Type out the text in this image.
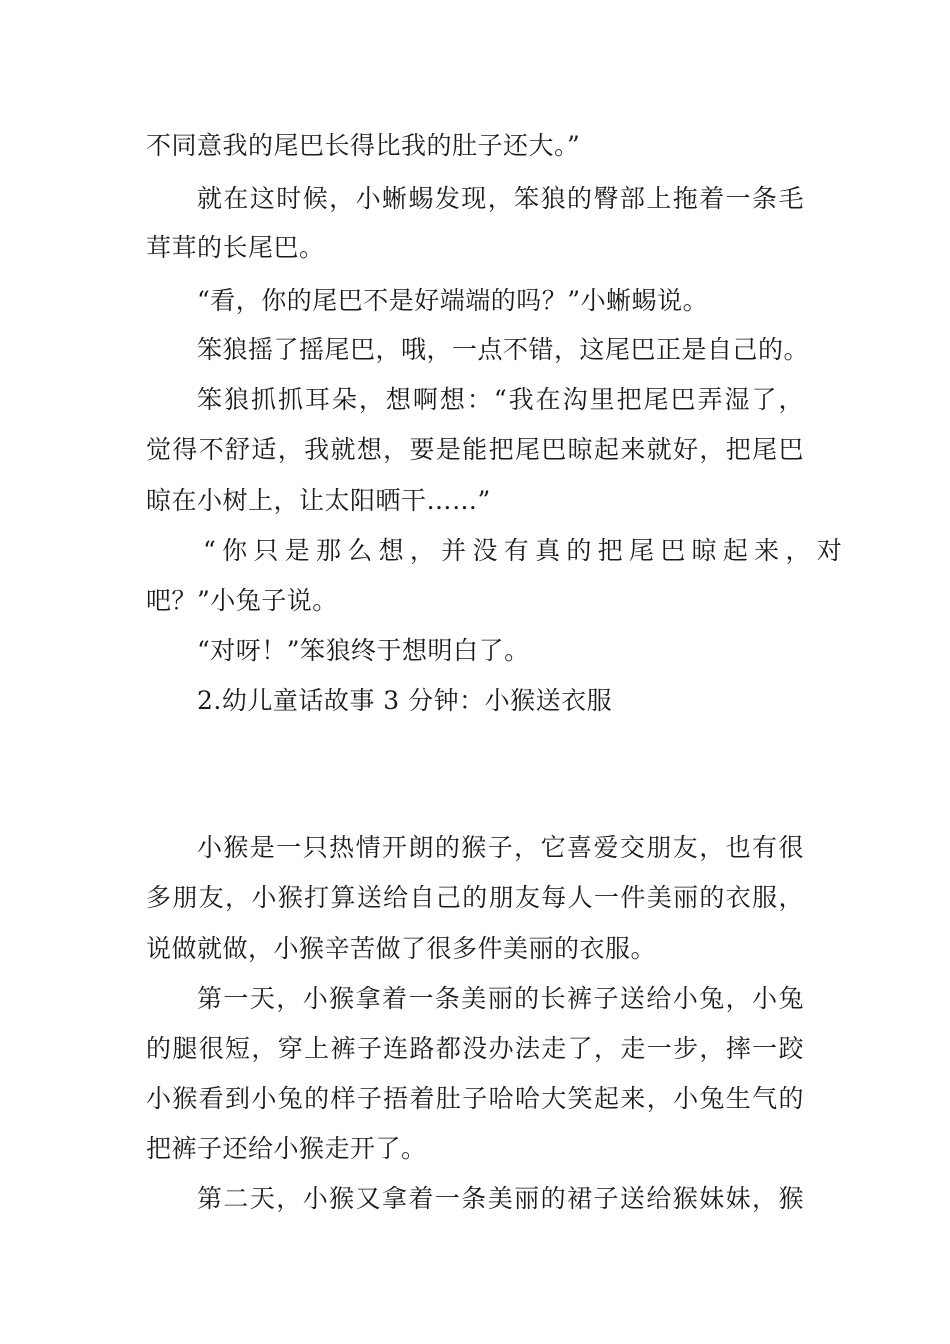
不同意我的尾巴长得比我的肚子还大。”
就在这时候，小蜥蜴发现，笨狼的臀部上拖着一条毛
茸茸的长尾巴。
“看，你的尾巴不是好端端的吗？”小蜥蜴说。
笨狼摇了摇尾巴，哦，一点不错，这尾巴正是自己的。
笨狼抓抓耳朵，想啊想：“我在沟里把尾巴弄湿了，
觉得不舒适，我就想，要是能把尾巴晾起来就好，把尾巴
晾在小树上，让太阳晒干……”
“你只是那么想，并没有真的把尾巴晾起来，对
吧？”小兔子说。
“对呀！”笨狼终于想明白了。
2.幼儿童话故事 3 分钟：小猴送衣服
小猴是一只热情开朗的猴子，它喜爱交朋友，也有很
多朋友，小猴打算送给自己的朋友每人一件美丽的衣服，
说做就做，小猴辛苦做了很多件美丽的衣服。
第一天，小猴拿着一条美丽的长裤子送给小兔，小兔
的腿很短，穿上裤子连路都没办法走了，走一步，摔一跤
小猴看到小兔的样子捂着肚子哈哈大笑起来，小兔生气的
把裤子还给小猴走开了。
第二天，小猴又拿着一条美丽的裙子送给猴妹妹，猴
